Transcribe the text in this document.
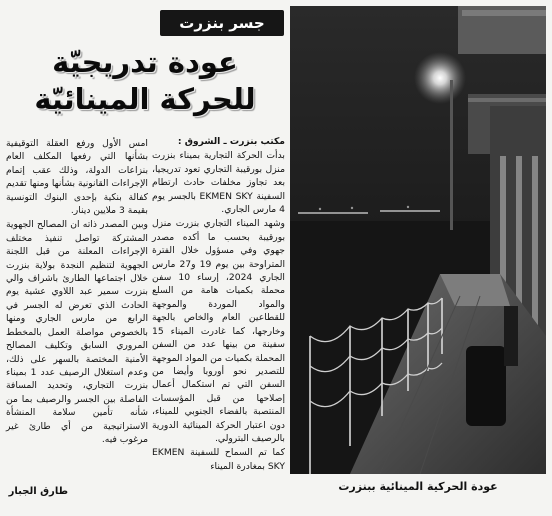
جسر بنزرت
عودة تدريجيّة
للحركة المينائيّة

مكتب بنزرت ـ الشروق :

بدأت الحركة التجارية بميناء بنزرت منزل بورقيبة التجاري تعود تدريجيا، بعد تجاوز مخلفات حادث ارتطام السفينة EKMEN SKY بالجسر يوم 4 مارس الجاري.

وشهد الميناء التجاري بنزرت منزل بورقيبة بحسب ما أكده مصدر جهوي وفي مسؤول خلال الفترة المتراوحة بين يوم 19 و27 مارس الجاري 2024، إرساء 10 سفن محملة بكميات هامة من السلع والمواد الموردة والموجهة للقطاعين العام والخاص بالجهة وخارجها، كما غادرت الميناء 15 سفينة من بينها عدد من السفن المحملة بكميات من المواد الموجهة للتصدير نحو أوروبا وأيضا من السفن التي تم استكمال أعمال إصلاحها من قبل المؤسسات المنتصبة بالفضاء الجنوبي للميناء، دون اعتبار الحركة المينائية الدورية بالرصيف البترولي.

كما تم السماح للسفينة EKMEN SKY بمغادرة الميناء

امس الأول ورفع العقلة التوقيفية بشأنها التي رفعها المكلف العام بنزاعات الدولة، وذلك عقب إتمام الإجراءات القانونية بشأنها ومنها تقديم كفالة بنكية بإحدى البنوك التونسية بقيمة 3 ملايين دينار.

وبين المصدر ذاته ان المصالح الجهوية المشتركة تواصل تنفيذ مختلف الإجراءات المعلنة من قبل اللجنة الجهوية لتنظيم النجدة بولاية بنزرت خلال اجتماعها الطارئ باشراف والي بنزرت سمير عبد اللاوي عشية يوم الحادث الذي تعرض له الجسر في الرابع من مارس الجاري ومنها بالخصوص مواصلة العمل بالمخطط المروري السابق وتكليف المصالح الأمنية المختصة بالسهر على ذلك، وعدم استغلال الرصيف عدد 1 بميناء بنزرت التجاري، وتحديد المسافة الفاصلة بين الجسر والرصيف بما من شأنه تأمين سلامة المنشأة الاستراتيجية من أي طارئ غير مرغوب فيه.

طارق الجبار	عودة الحركية المينائية ببنزرت
